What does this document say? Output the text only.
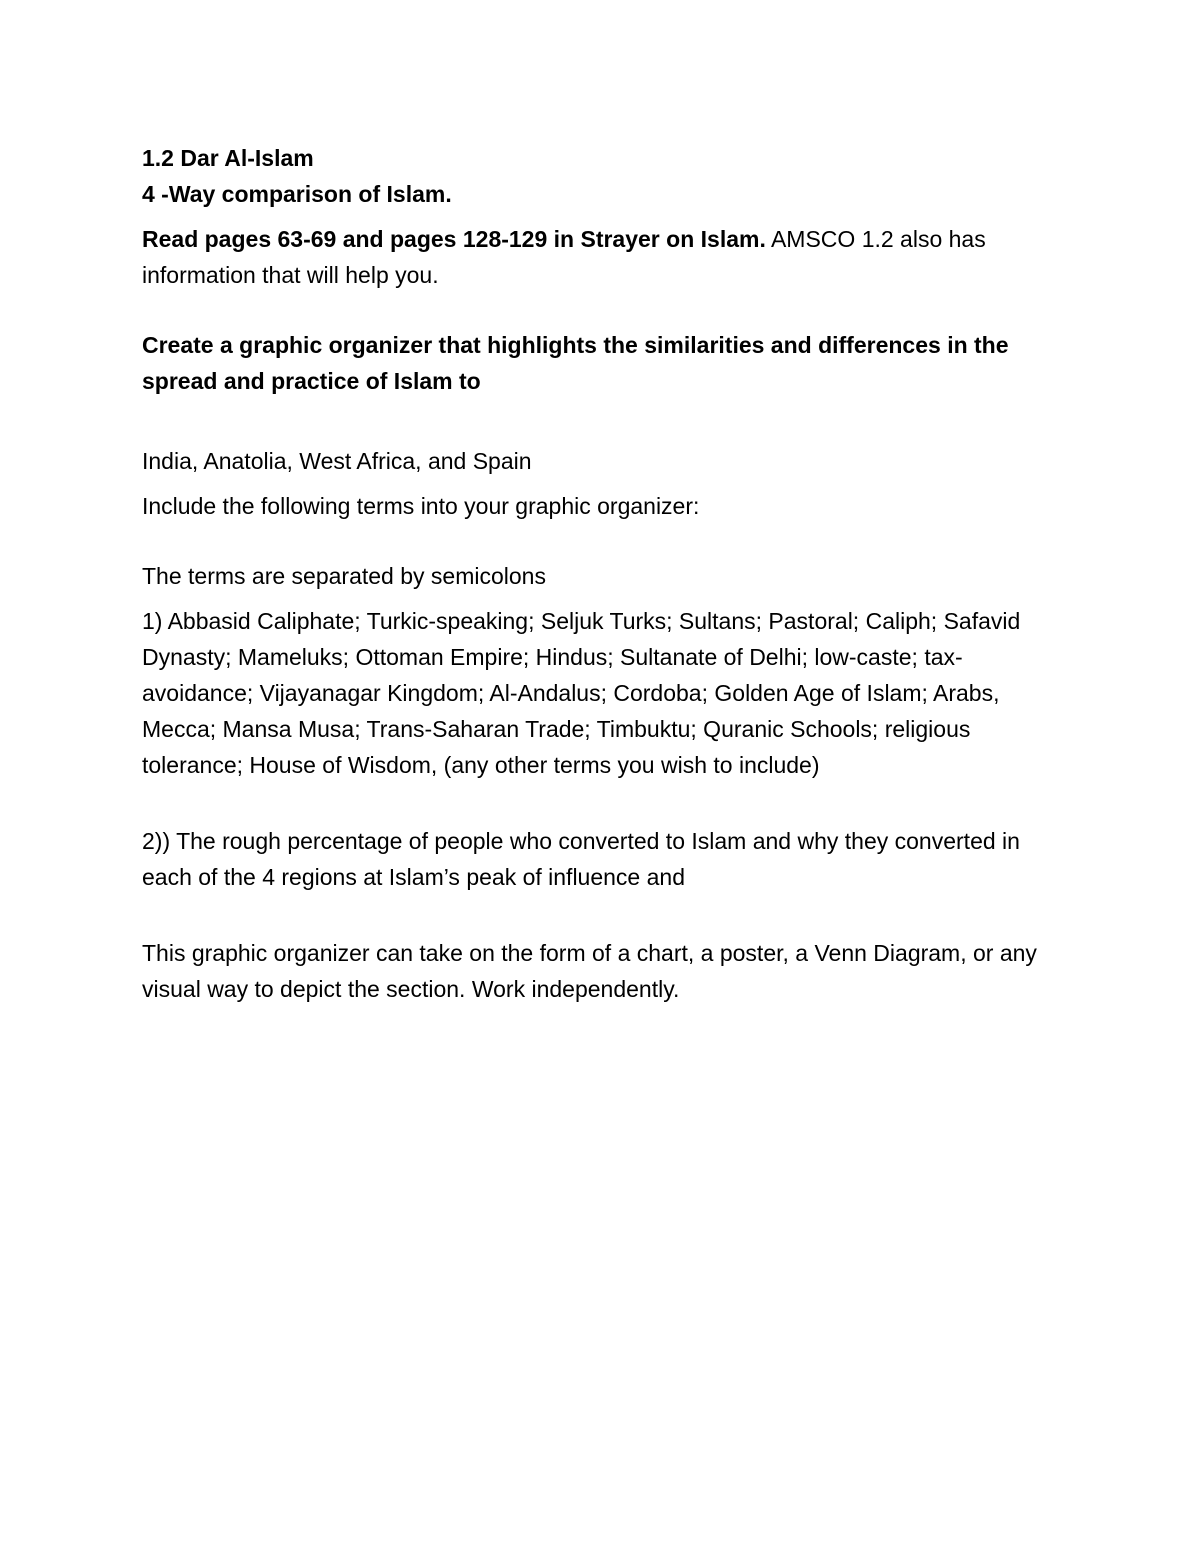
1.2 Dar Al-Islam

4 -Way comparison of Islam.

Read pages 63-69 and pages 128-129 in Strayer on Islam. AMSCO 1.2 also has information that will help you.

Create a graphic organizer that highlights the similarities and differences in the spread and practice of Islam to

India, Anatolia, West Africa, and Spain

Include the following terms into your graphic organizer:

The terms are separated by semicolons

1) Abbasid Caliphate; Turkic-speaking; Seljuk Turks; Sultans; Pastoral; Caliph; Safavid Dynasty; Mameluks; Ottoman Empire; Hindus; Sultanate of Delhi; low-caste; tax-avoidance; Vijayanagar Kingdom; Al-Andalus; Cordoba; Golden Age of Islam; Arabs, Mecca; Mansa Musa; Trans-Saharan Trade; Timbuktu; Quranic Schools; religious tolerance; House of Wisdom, (any other terms you wish to include)

2)) The rough percentage of people who converted to Islam and why they converted in each of the 4 regions at Islam’s peak of influence and

This graphic organizer can take on the form of a chart, a poster, a Venn Diagram, or any visual way to depict the section. Work independently.
